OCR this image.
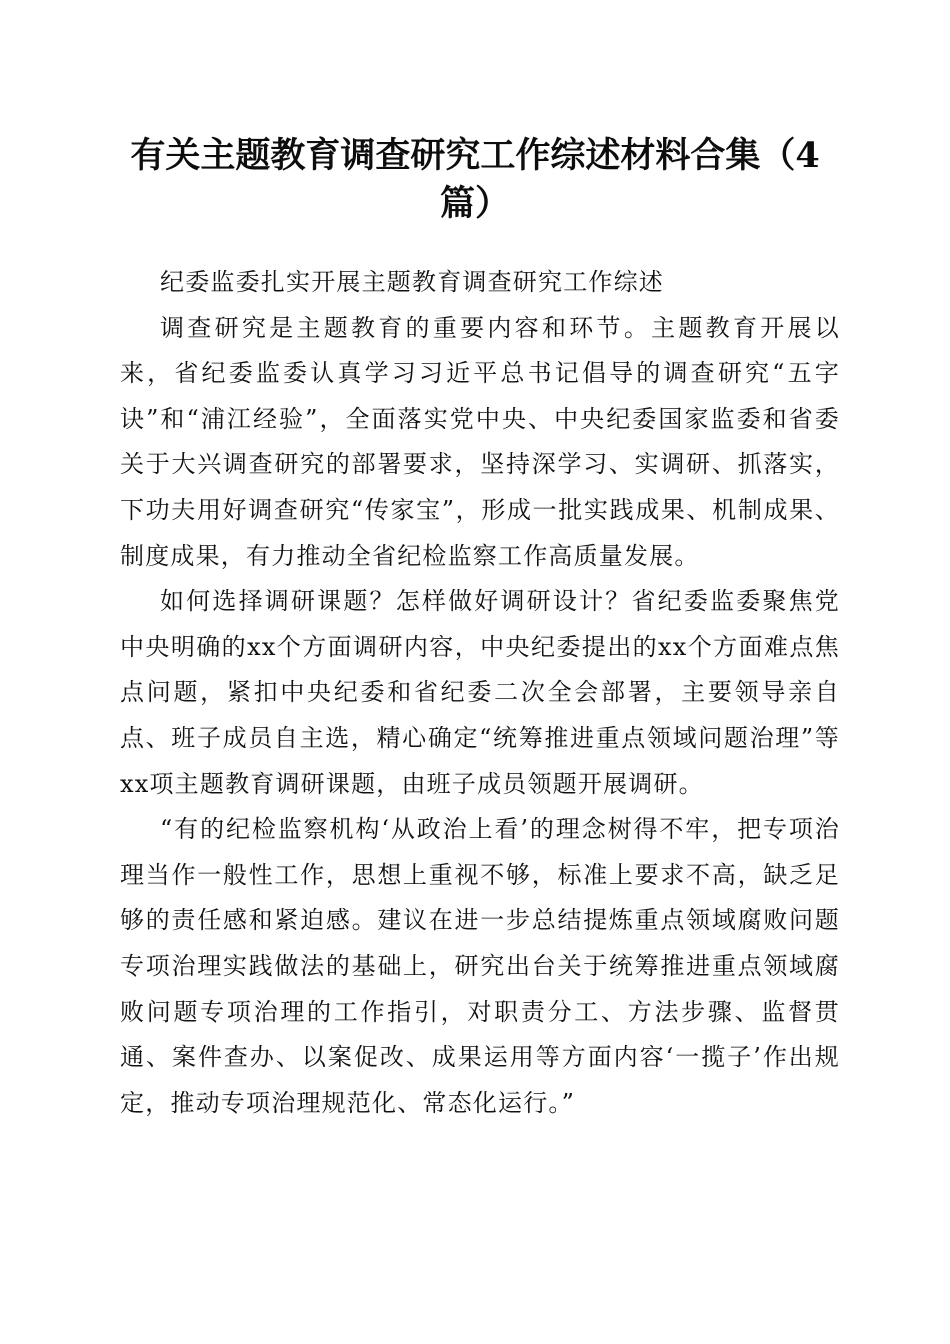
有关主题教育调查研究工作综述材料合集（4篇）

纪委监委扎实开展主题教育调查研究工作综述

调查研究是主题教育的重要内容和环节。主题教育开展以来，省纪委监委认真学习习近平总书记倡导的调查研究“五字诀”和“浦江经验”，全面落实党中央、中央纪委国家监委和省委关于大兴调查研究的部署要求，坚持深学习、实调研、抓落实，下功夫用好调查研究“传家宝”，形成一批实践成果、机制成果、制度成果，有力推动全省纪检监察工作高质量发展。

如何选择调研课题？怎样做好调研设计？省纪委监委聚焦党中央明确的xx个方面调研内容，中央纪委提出的xx个方面难点焦点问题，紧扣中央纪委和省纪委二次全会部署，主要领导亲自点、班子成员自主选，精心确定“统筹推进重点领域问题治理”等xx项主题教育调研课题，由班子成员领题开展调研。

“有的纪检监察机构‘从政治上看’的理念树得不牢，把专项治理当作一般性工作，思想上重视不够，标准上要求不高，缺乏足够的责任感和紧迫感。建议在进一步总结提炼重点领域腐败问题专项治理实践做法的基础上，研究出台关于统筹推进重点领域腐败问题专项治理的工作指引，对职责分工、方法步骤、监督贯通、案件查办、以案促改、成果运用等方面内容‘一揽子’作出规定，推动专项治理规范化、常态化运行。”
